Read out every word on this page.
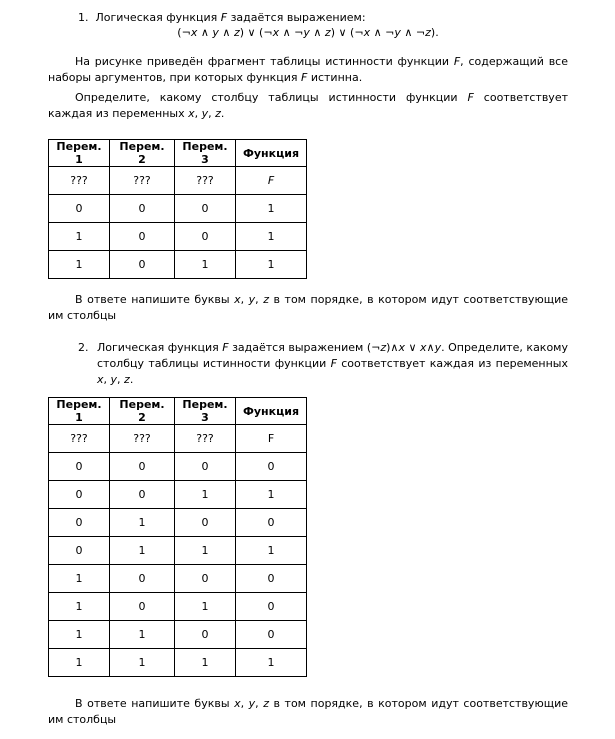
1. Логическая функция F задаётся выражением:
(¬x ∧ y ∧ z) ∨ (¬x ∧ ¬y ∧ z) ∨ (¬x ∧ ¬y ∧ ¬z).

На рисунке приведён фрагмент таблицы истинности функции F, содержащий все наборы аргументов, при которых функция F истинна.

Определите, какому столбцу таблицы истинности функции F соответствует каждая из переменных x, y, z.

Перем. 1	Перем. 2	Перем. 3	Функция
???	???	???	F
0	0	0	1
1	0	0	1
1	0	1	1

В ответе напишите буквы x, y, z в том порядке, в котором идут соответствующие им столбцы

2. Логическая функция F задаётся выражением (¬z)∧x ∨ x∧y. Определите, какому столбцу таблицы истинности функции F соответствует каждая из переменных x, y, z.
Перем. 1	Перем. 2	Перем. 3	Функция
???	???	???	F
0	0	0	0
0	0	1	1
0	1	0	0
0	1	1	1
1	0	0	0
1	0	1	0
1	1	0	0
1	1	1	1

В ответе напишите буквы x, y, z в том порядке, в котором идут соответствующие им столбцы
